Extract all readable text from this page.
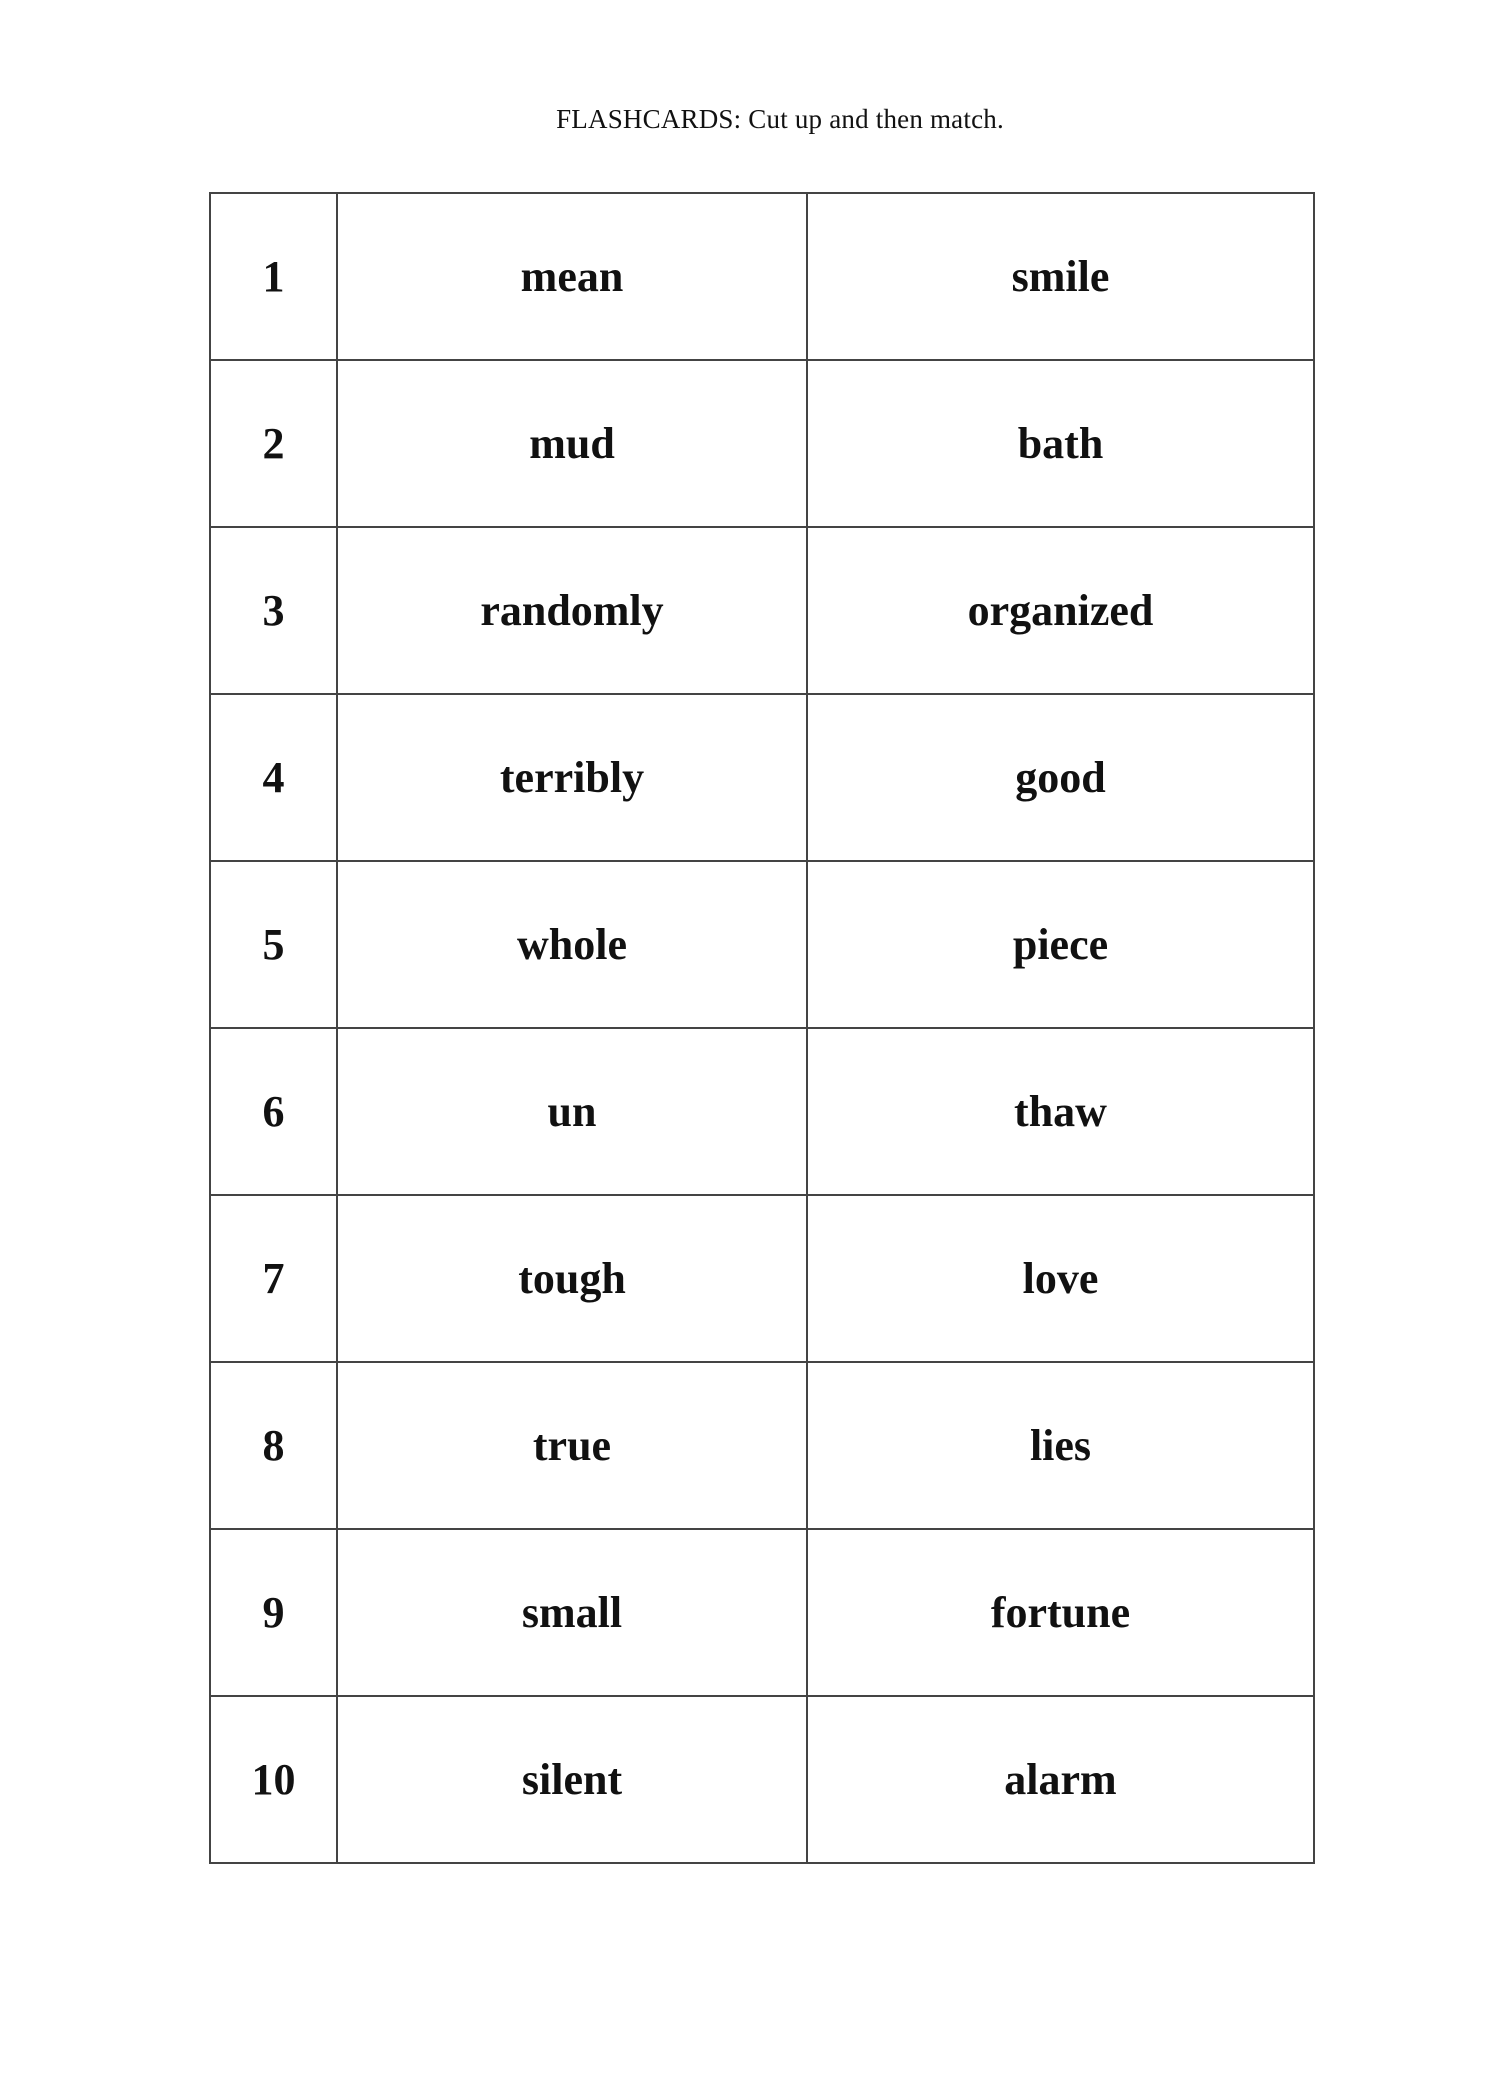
FLASHCARDS: Cut up and then match.
1	mean	smile
2	mud	bath
3	randomly	organized
4	terribly	good
5	whole	piece
6	un	thaw
7	tough	love
8	true	lies
9	small	fortune
10	silent	alarm
